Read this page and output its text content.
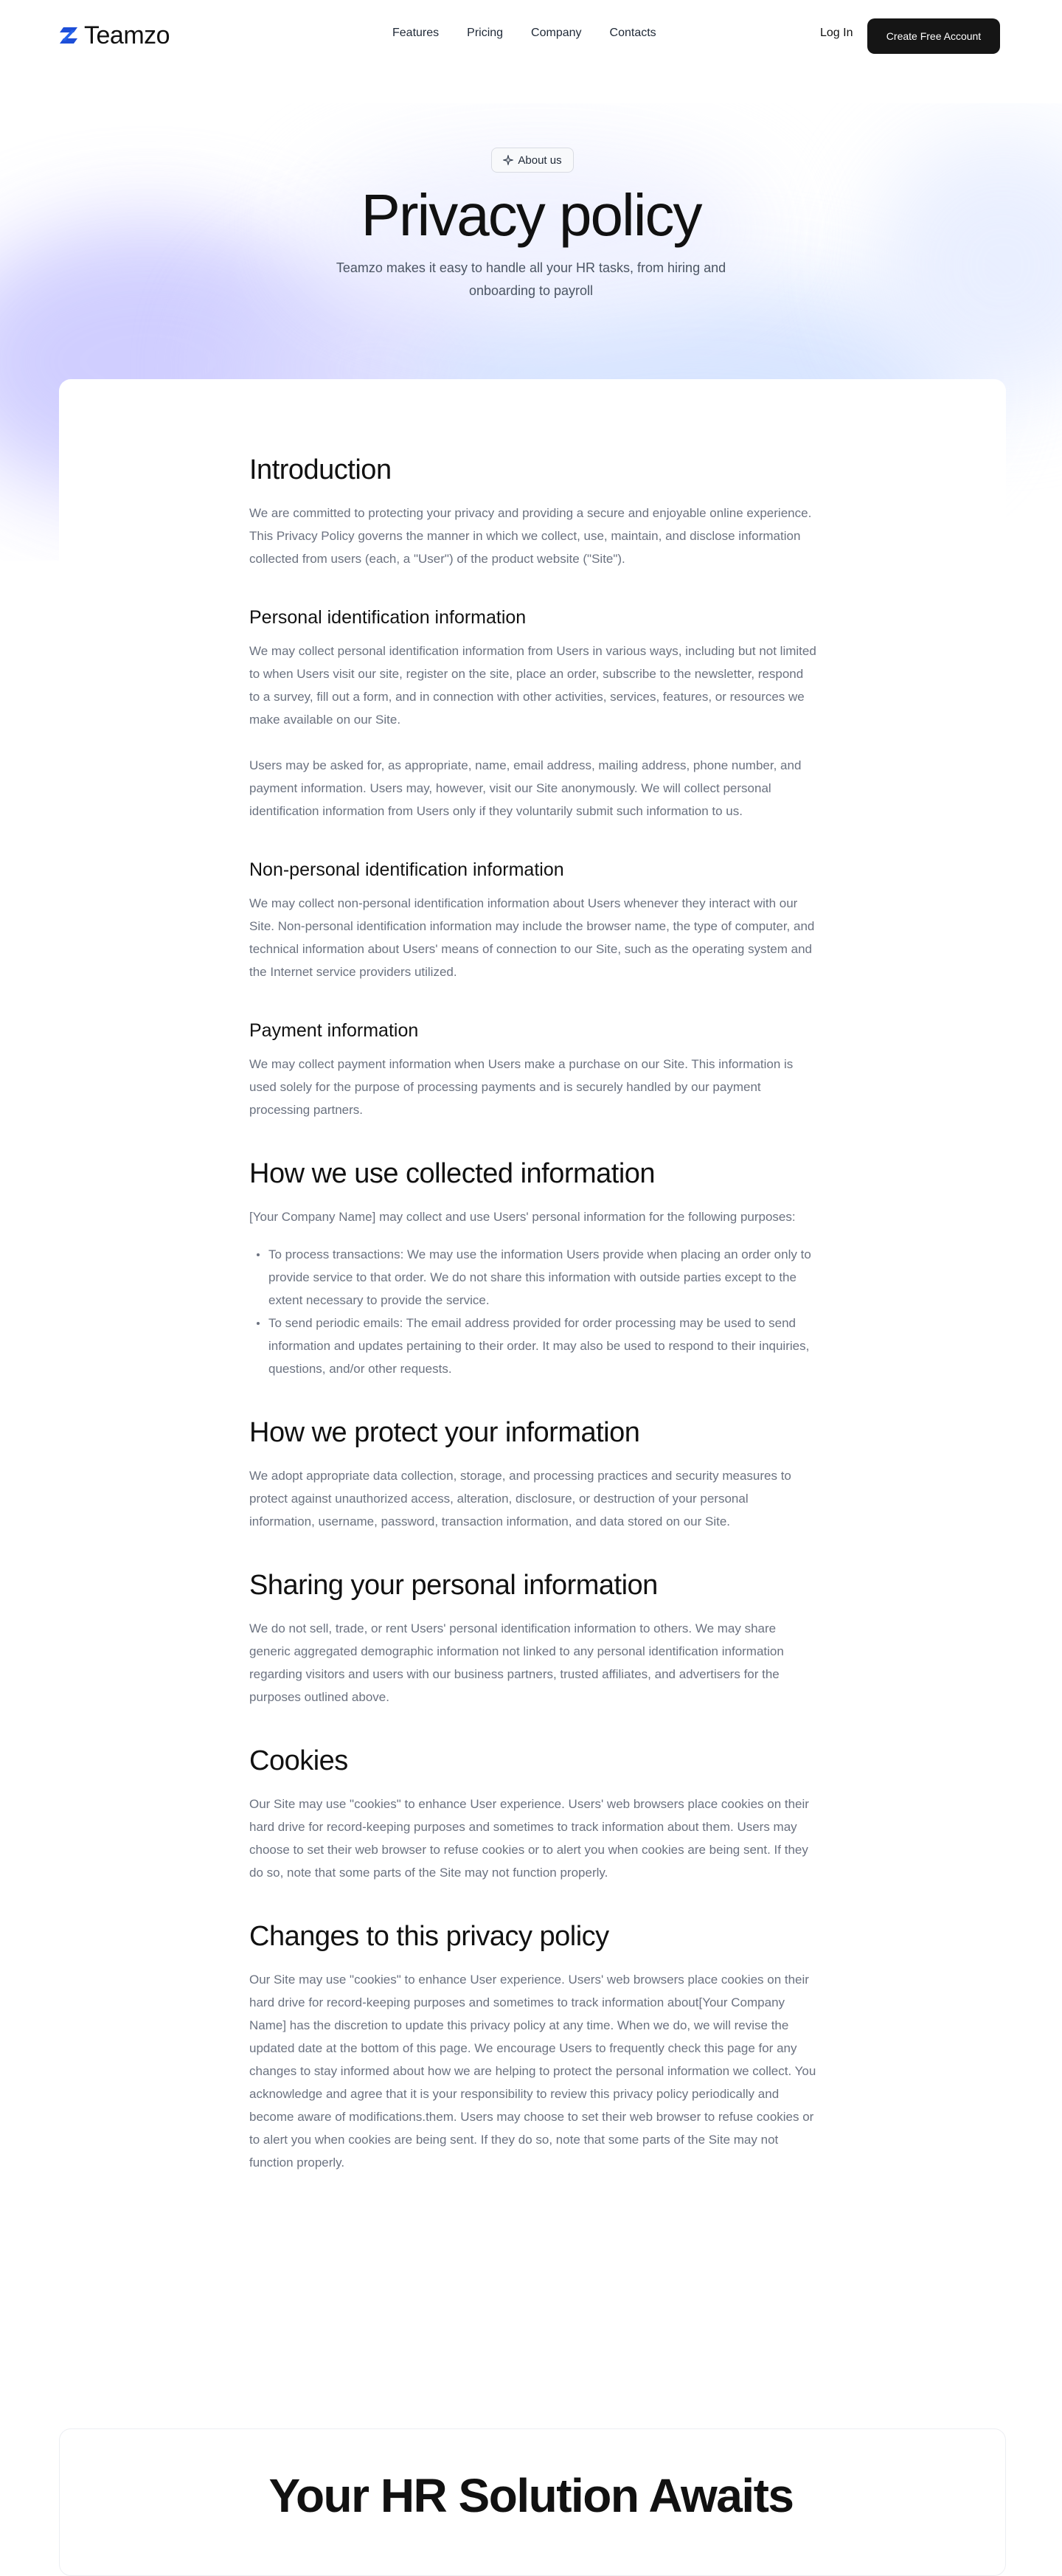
Teamzo	Features Pricing Company Contacts	Log In	Create Free Account
About us
Privacy policy

Teamzo makes it easy to handle all your HR tasks, from hiring and onboarding to payroll

Introduction

We are committed to protecting your privacy and providing a secure and enjoyable online experience. This Privacy Policy governs the manner in which we collect, use, maintain, and disclose information collected from users (each, a "User") of the product website ("Site").

Personal identification information

We may collect personal identification information from Users in various ways, including but not limited to when Users visit our site, register on the site, place an order, subscribe to the newsletter, respond to a survey, fill out a form, and in connection with other activities, services, features, or resources we make available on our Site.

Users may be asked for, as appropriate, name, email address, mailing address, phone number, and payment information. Users may, however, visit our Site anonymously. We will collect personal identification information from Users only if they voluntarily submit such information to us.

Non-personal identification information

We may collect non-personal identification information about Users whenever they interact with our Site. Non-personal identification information may include the browser name, the type of computer, and technical information about Users' means of connection to our Site, such as the operating system and the Internet service providers utilized.

Payment information

We may collect payment information when Users make a purchase on our Site. This information is used solely for the purpose of processing payments and is securely handled by our payment processing partners.

How we use collected information

[Your Company Name] may collect and use Users' personal information for the following purposes:

To process transactions: We may use the information Users provide when placing an order only to provide service to that order. We do not share this information with outside parties except to the extent necessary to provide the service.
To send periodic emails: The email address provided for order processing may be used to send information and updates pertaining to their order. It may also be used to respond to their inquiries, questions, and/or other requests.
How we protect your information

We adopt appropriate data collection, storage, and processing practices and security measures to protect against unauthorized access, alteration, disclosure, or destruction of your personal information, username, password, transaction information, and data stored on our Site.

Sharing your personal information

We do not sell, trade, or rent Users' personal identification information to others. We may share generic aggregated demographic information not linked to any personal identification information regarding visitors and users with our business partners, trusted affiliates, and advertisers for the purposes outlined above.

Cookies

Our Site may use "cookies" to enhance User experience. Users' web browsers place cookies on their hard drive for record-keeping purposes and sometimes to track information about them. Users may choose to set their web browser to refuse cookies or to alert you when cookies are being sent. If they do so, note that some parts of the Site may not function properly.

Changes to this privacy policy

Our Site may use "cookies" to enhance User experience. Users' web browsers place cookies on their hard drive for record-keeping purposes and sometimes to track information about[Your Company Name] has the discretion to update this privacy policy at any time. When we do, we will revise the updated date at the bottom of this page. We encourage Users to frequently check this page for any changes to stay informed about how we are helping to protect the personal information we collect. You acknowledge and agree that it is your responsibility to review this privacy policy periodically and become aware of modifications.them. Users may choose to set their web browser to refuse cookies or to alert you when cookies are being sent. If they do so, note that some parts of the Site may not function properly.

Your HR Solution Awaits
